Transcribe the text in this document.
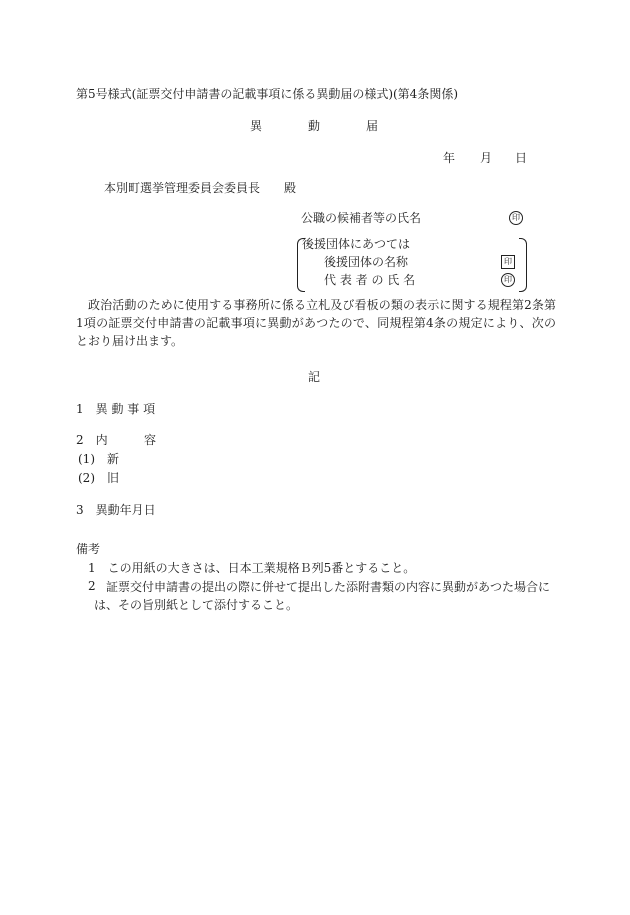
第5号様式(証票交付申請書の記載事項に係る異動届の様式)(第4条関係)
異	動	届
年 月 日
本別町選挙管理委員会委員長　　殿
公職の候補者等の氏名	印
後援団体にあつては
後援団体の名称	印
代 表 者 の 氏 名	印
政治活動のために使用する事務所に係る立札及び看板の類の表示に関する規程第2条第1項の証票交付申請書の記載事項に異動があつたので、同規程第4条の規定により、次のとおり届け出ます。
記
1　異 動 事 項
2　内	容
(1)　新
(2)　旧
3　異動年月日
備考
1　この用紙の大きさは、日本工業規格Ｂ列5番とすること。
2 証票交付申請書の提出の際に併せて提出した添附書類の内容に異動があつた場合には、その旨別紙として添付すること。
